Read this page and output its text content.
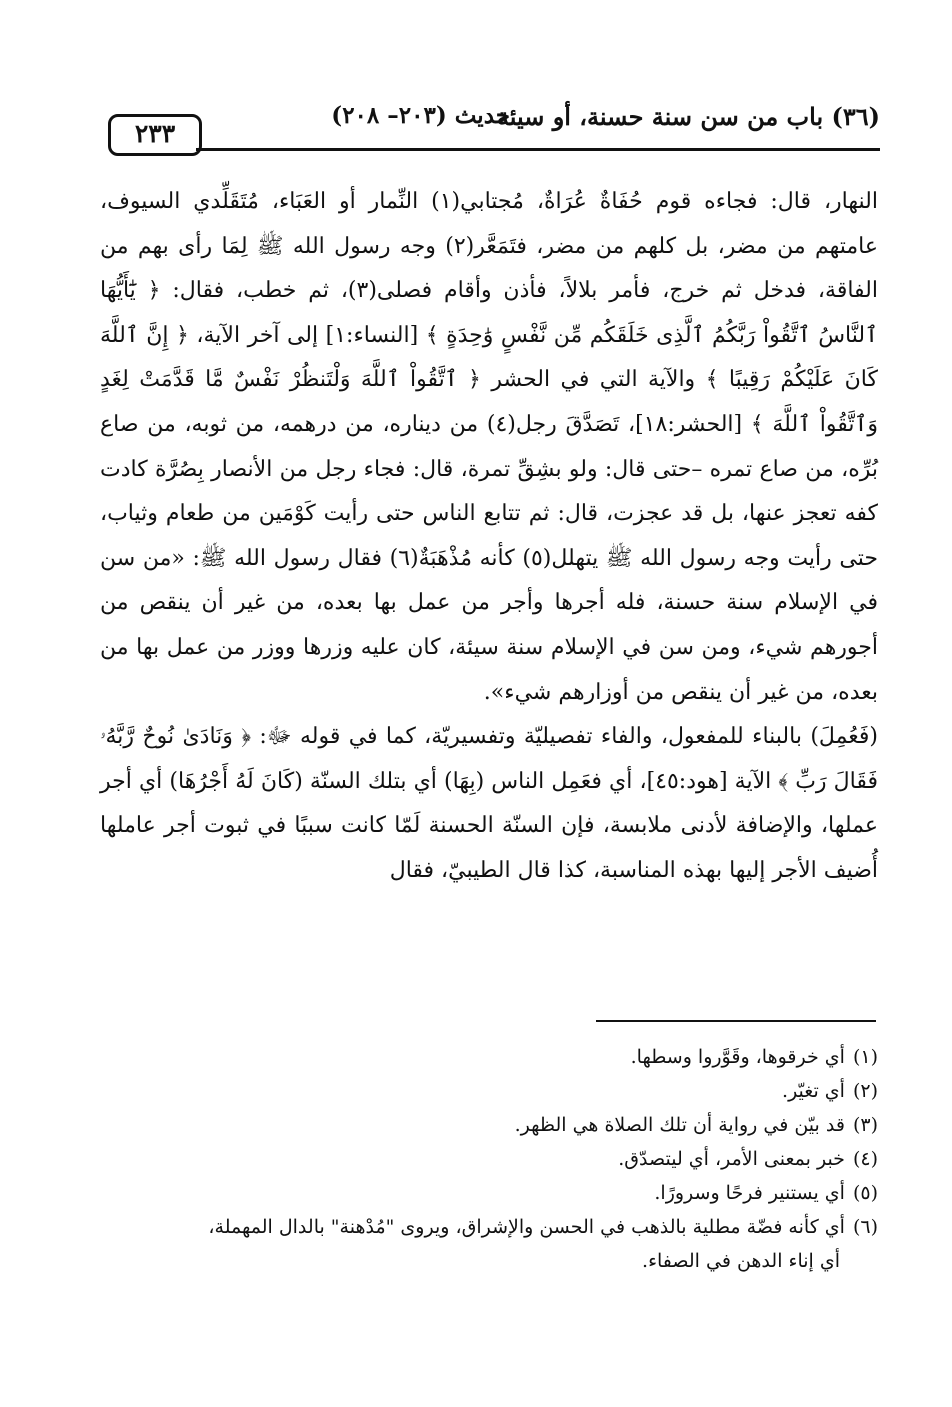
(٣٦) باب من سن سنة حسنة، أو سيئة
حديث (٢٠٣– ٢٠٨)
٢٣٣

النهار، قال: فجاءه قوم حُفَاةٌ عُرَاةٌ، مُجتابي(١) النِّمار أو العَبَاء، مُتَقَلِّدي السيوف، عامتهم من مضر، بل كلهم من مضر، فتَمَعَّر(٢) وجه رسول الله ﷺ لِمَا رأى بهم من الفاقة، فدخل ثم خرج، فأمر بلالاً، فأذن وأقام فصلى(٣)، ثم خطب، فقال: ﴿ يَٰٓأَيُّهَا ٱلنَّاسُ ٱتَّقُواْ رَبَّكُمُ ٱلَّذِى خَلَقَكُم مِّن نَّفْسٍ وَٰحِدَةٍ ﴾ [النساء:١] إلى آخر الآية، ﴿ إِنَّ ٱللَّهَ كَانَ عَلَيْكُمْ رَقِيبًا ﴾ والآية التي في الحشر ﴿ ٱتَّقُواْ ٱللَّهَ وَلْتَنظُرْ نَفْسٌ مَّا قَدَّمَتْ لِغَدٍ وَٱتَّقُواْ ٱللَّهَ ﴾ [الحشر:١٨]، تَصَدَّقَ رجل(٤) من ديناره، من درهمه، من ثوبه، من صاع بُرِّه، من صاع تمره –حتى قال: ولو بشِقِّ تمرة، قال: فجاء رجل من الأنصار بِصُرَّة كادت كفه تعجز عنها، بل قد عجزت، قال: ثم تتابع الناس حتى رأيت كَوْمَين من طعام وثياب، حتى رأيت وجه رسول الله ﷺ يتهلل(٥) كأنه مُذْهَبَةٌ(٦) فقال رسول الله ﷺ: «من سن في الإسلام سنة حسنة، فله أجرها وأجر من عمل بها بعده، من غير أن ينقص من أجورهم شيء، ومن سن في الإسلام سنة سيئة، كان عليه وزرها ووزر من عمل بها من بعده، من غير أن ينقص من أوزارهم شيء».

(فَعُمِلَ) بالبناء للمفعول، والفاء تفصيليّة وتفسيريّة، كما في قوله ﷻ: ﴿ وَنَادَىٰ نُوحٌ رَّبَّهُۥ فَقَالَ رَبِّ ﴾ الآية [هود:٤٥]، أي فعَمِل الناس (بِهَا) أي بتلك السنّة (كَانَ لَهُ أَجْرُهَا) أي أجر عملها، والإضافة لأدنى ملابسة، فإن السنّة الحسنة لَمّا كانت سببًا في ثبوت أجر عاملها أُضيف الأجر إليها بهذه المناسبة، كذا قال الطيبيّ، فقال

(١)أي خرقوها، وقَوَّروا وسطها.
(٢)أي تغيّر.
(٣)قد بيّن في رواية أن تلك الصلاة هي الظهر.
(٤)خبر بمعنى الأمر، أي ليتصدّق.
(٥)أي يستنير فرحًا وسرورًا.
(٦)أي كأنه فضّة مطلية بالذهب في الحسن والإشراق، ويروى "مُدْهنة" بالدال المهملة،
أي إناء الدهن في الصفاء.
